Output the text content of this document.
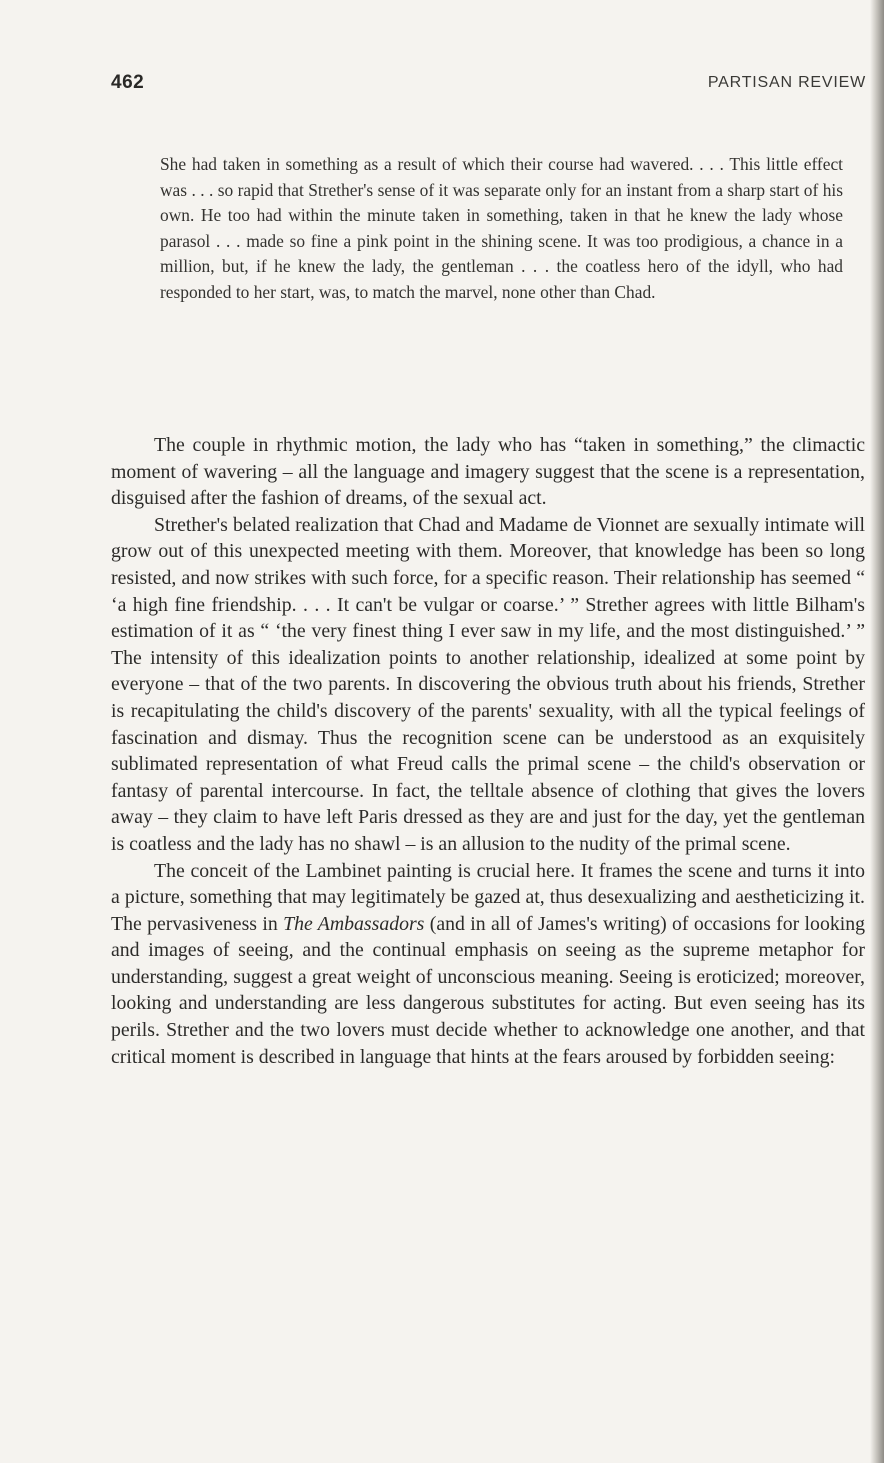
462	PARTISAN REVIEW
She had taken in something as a result of which their course had wavered. . . . This little effect was . . . so rapid that Strether's sense of it was separate only for an instant from a sharp start of his own. He too had within the minute taken in something, taken in that he knew the lady whose parasol . . . made so fine a pink point in the shining scene. It was too prodigious, a chance in a million, but, if he knew the lady, the gentleman . . . the coatless hero of the idyll, who had responded to her start, was, to match the marvel, none other than Chad.

The couple in rhythmic motion, the lady who has “taken in something,” the climactic moment of wavering – all the language and imagery suggest that the scene is a representation, disguised after the fashion of dreams, of the sexual act.

Strether's belated realization that Chad and Madame de Vionnet are sexually intimate will grow out of this unexpected meeting with them. Moreover, that knowledge has been so long resisted, and now strikes with such force, for a specific reason. Their relationship has seemed “ ‘a high fine friendship. . . . It can't be vulgar or coarse.’ ” Strether agrees with little Bilham's estimation of it as “ ‘the very finest thing I ever saw in my life, and the most distinguished.’ ” The intensity of this idealization points to another relationship, idealized at some point by everyone – that of the two parents. In discovering the obvious truth about his friends, Strether is recapitulating the child's discovery of the parents' sexuality, with all the typical feelings of fascination and dismay. Thus the recognition scene can be understood as an exquisitely sublimated representation of what Freud calls the primal scene – the child's observation or fantasy of parental intercourse. In fact, the telltale absence of clothing that gives the lovers away – they claim to have left Paris dressed as they are and just for the day, yet the gentleman is coatless and the lady has no shawl – is an allusion to the nudity of the primal scene.

The conceit of the Lambinet painting is crucial here. It frames the scene and turns it into a picture, something that may legitimately be gazed at, thus desexualizing and aestheticizing it. The pervasiveness in The Ambassadors (and in all of James's writing) of occasions for looking and images of seeing, and the continual emphasis on seeing as the supreme metaphor for understanding, suggest a great weight of unconscious meaning. Seeing is eroticized; moreover, looking and understanding are less dangerous substitutes for acting. But even seeing has its perils. Strether and the two lovers must decide whether to acknowledge one another, and that critical moment is described in language that hints at the fears aroused by forbidden seeing:
